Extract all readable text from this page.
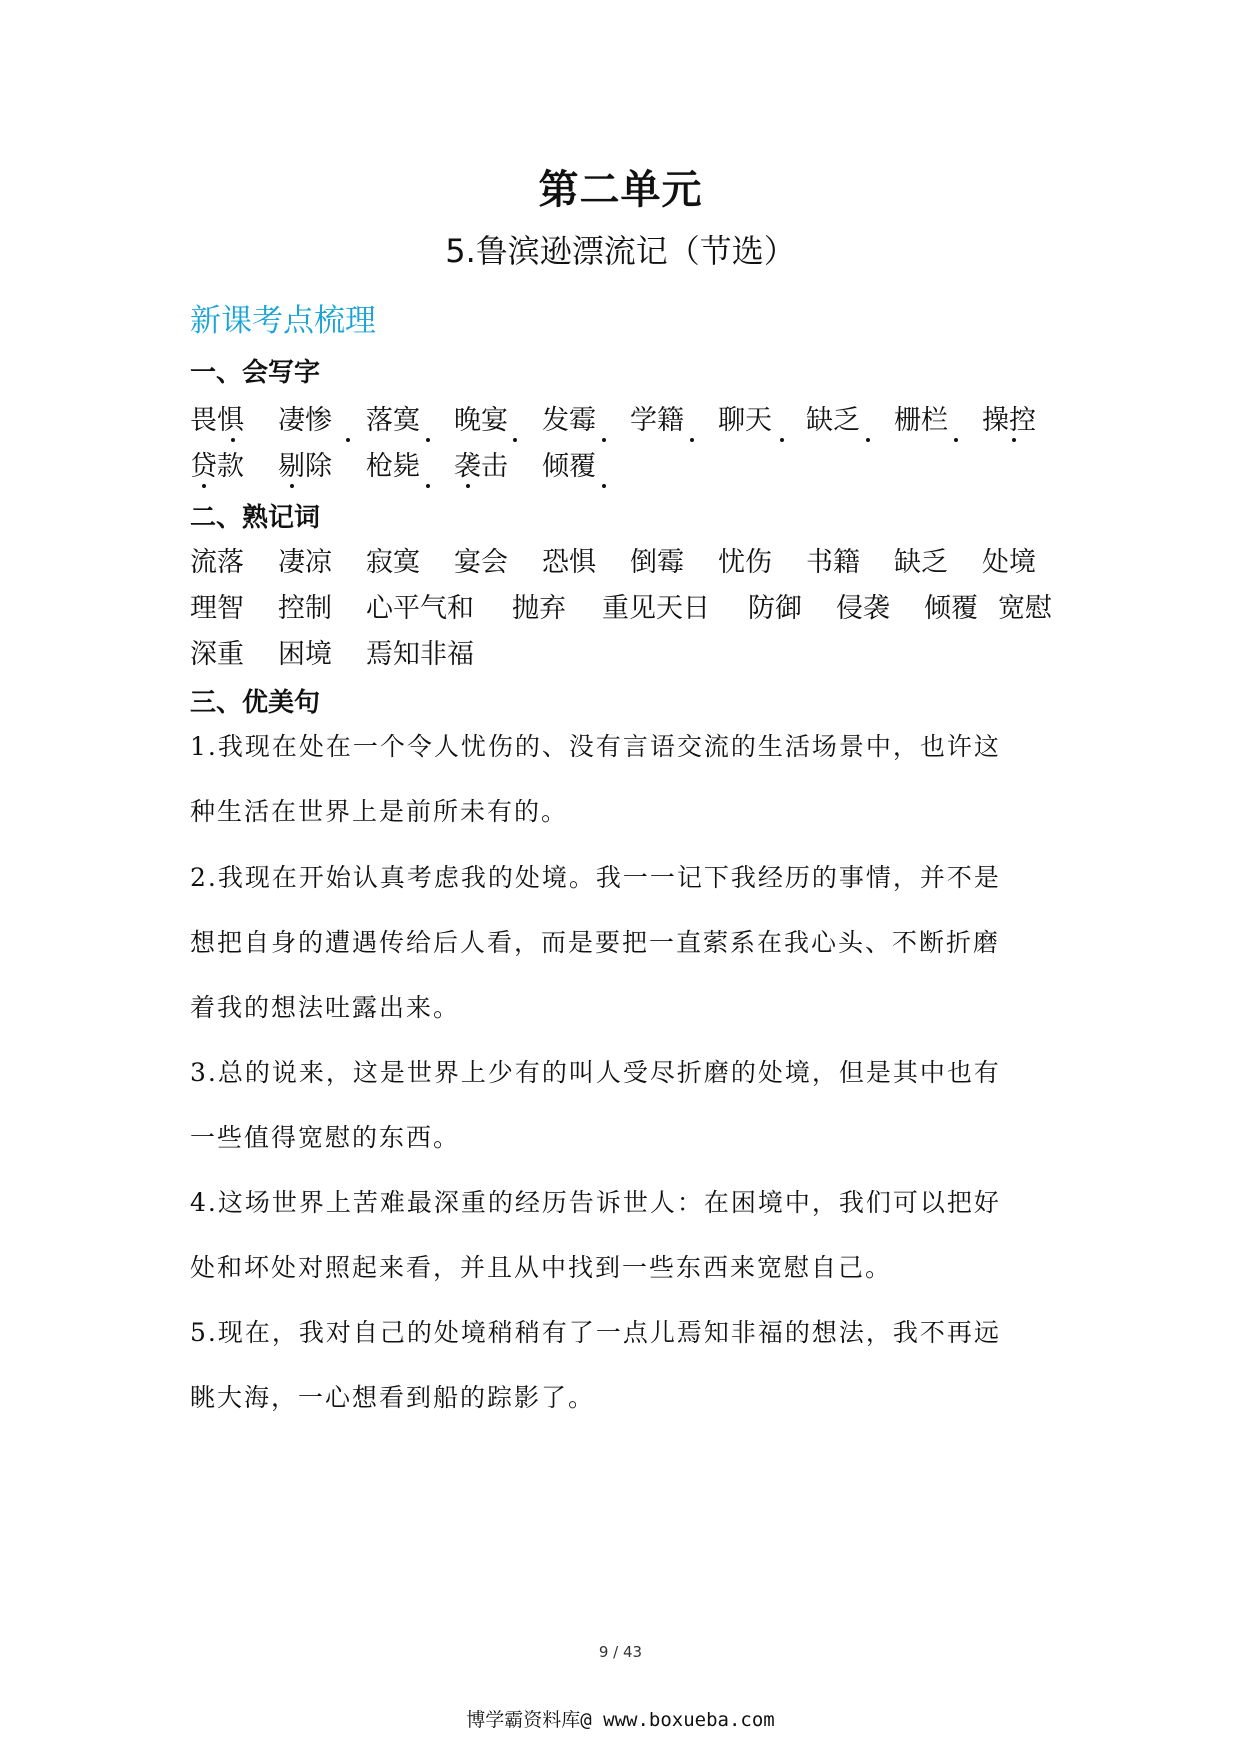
第二单元
5.鲁滨逊漂流记（节选）
新课考点梳理
一、会写字
畏惧 凄惨 落寞 晚宴 发霉 学籍 聊天 缺乏 栅栏 操控
贷款 剔除 枪毙 袭击 倾覆
二、熟记词
流落 凄凉 寂寞 宴会 恐惧 倒霉 忧伤 书籍 缺乏 处境
理智 控制 心平气和 抛弃 重见天日 防御 侵袭 倾覆 宽慰
深重 困境 焉知非福
三、优美句
1.我现在处在一个令人忧伤的、没有言语交流的生活场景中，也许这
种生活在世界上是前所未有的。
2.我现在开始认真考虑我的处境。我一一记下我经历的事情，并不是
想把自身的遭遇传给后人看，而是要把一直萦系在我心头、不断折磨
着我的想法吐露出来。
3.总的说来，这是世界上少有的叫人受尽折磨的处境，但是其中也有
一些值得宽慰的东西。
4.这场世界上苦难最深重的经历告诉世人：在困境中，我们可以把好
处和坏处对照起来看，并且从中找到一些东西来宽慰自己。
5.现在，我对自己的处境稍稍有了一点儿焉知非福的想法，我不再远
眺大海，一心想看到船的踪影了。
9 / 43
博学霸资料库@ www.boxueba.com
